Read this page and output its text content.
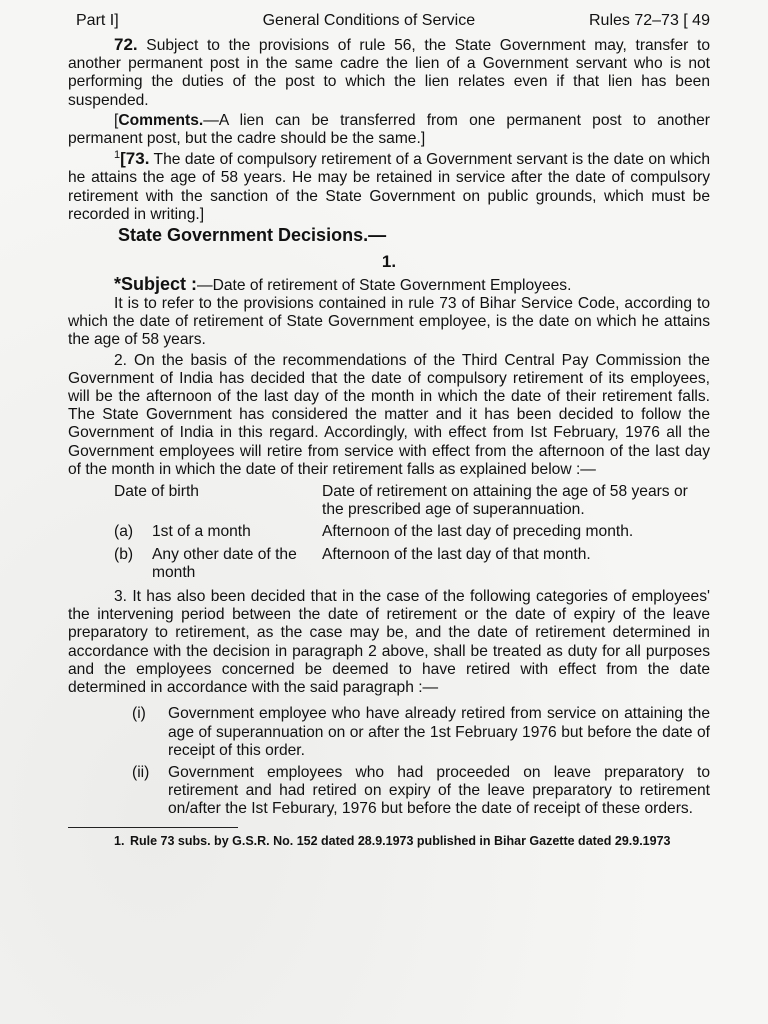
Part I]	General Conditions of Service	Rules 72–73 [ 49

72. Subject to the provisions of rule 56, the State Government may, transfer to another permanent post in the same cadre the lien of a Government servant who is not performing the duties of the post to which the lien relates even if that lien has been suspended.

[Comments.—A lien can be transferred from one permanent post to another permanent post, but the cadre should be the same.]

$^1$[73. The date of compulsory retirement of a Government servant is the date on which he attains the age of 58 years. He may be retained in service after the date of compulsory retirement with the sanction of the State Government on public grounds, which must be recorded in writing.]

State Government Decisions.—
1.
*Subject :—Date of retirement of State Government Employees.

It is to refer to the provisions contained in rule 73 of Bihar Service Code, according to which the date of retirement of State Government employee, is the date on which he attains the age of 58 years.

2. On the basis of the recommendations of the Third Central Pay Commission the Government of India has decided that the date of compulsory retirement of its employees, will be the afternoon of the last day of the month in which the date of their retirement falls. The State Government has considered the matter and it has been decided to follow the Government of India in this regard. Accordingly, with effect from Ist February, 1976 all the Government employees will retire from service with effect from the afternoon of the last day of the month in which the date of their retirement falls as explained below :—

Date of birth		Date of retirement on attaining the age of 58 years or the prescribed age of superannuation.
(a)	1st of a month	Afternoon of the last day of preceding month.
(b)	Any other date of the month	Afternoon of the last day of that month.

3. It has also been decided that in the case of the following categories of employees' the intervening period between the date of retirement or the date of expiry of the leave preparatory to retirement, as the case may be, and the date of retirement determined in accordance with the decision in paragraph 2 above, shall be treated as duty for all purposes and the employees concerned be deemed to have retired with effect from the date determined in accordance with the said paragraph :—

(i)	Government employee who have already retired from service on attaining the age of superannuation on or after the 1st February 1976 but before the date of receipt of this order.
(ii)	Government employees who had proceeded on leave preparatory to retirement and had retired on expiry of the leave preparatory to retirement on/after the Ist Feburary, 1976 but before the date of receipt of these orders.
1. Rule 73 subs. by G.S.R. No. 152 dated 28.9.1973 published in Bihar Gazette dated 29.9.1973
